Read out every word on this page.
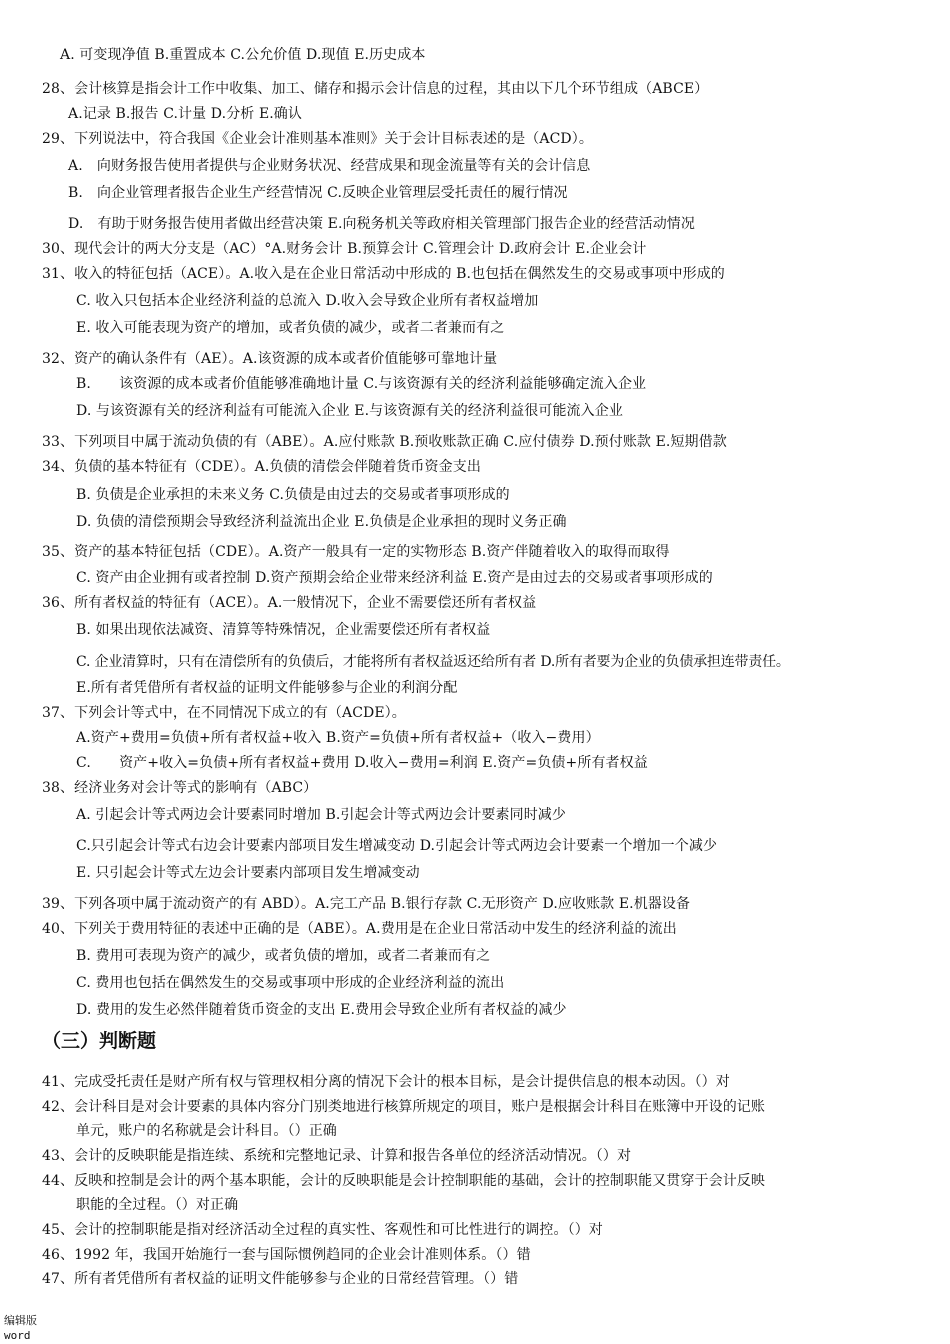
A. 可变现净值 B.重置成本 C.公允价值 D.现值 E.历史成本
28、会计核算是指会计工作中收集、加工、储存和揭示会计信息的过程，其由以下几个环节组成（ABCE）
A.记录 B.报告 C.计量 D.分析 E.确认
29、下列说法中，符合我国《企业会计准则基本准则》关于会计目标表述的是（ACD）。
A.　向财务报告使用者提供与企业财务状况、经营成果和现金流量等有关的会计信息
B.　向企业管理者报告企业生产经营情况 C.反映企业管理层受托责任的履行情况
D.　有助于财务报告使用者做出经营决策 E.向税务机关等政府相关管理部门报告企业的经营活动情况
30、现代会计的两大分支是（AC）°A.财务会计 B.预算会计 C.管理会计 D.政府会计 E.企业会计
31、收入的特征包括（ACE）。A.收入是在企业日常活动中形成的 B.也包括在偶然发生的交易或事项中形成的
C. 收入只包括本企业经济利益的总流入 D.收入会导致企业所有者权益增加
E. 收入可能表现为资产的增加，或者负债的减少，或者二者兼而有之
32、资产的确认条件有（AE）。A.该资源的成本或者价值能够可靠地计量
B.　　该资源的成本或者价值能够准确地计量 C.与该资源有关的经济利益能够确定流入企业
D. 与该资源有关的经济利益有可能流入企业 E.与该资源有关的经济利益很可能流入企业
33、下列项目中属于流动负债的有（ABE）。A.应付账款 B.预收账款正确 C.应付债券 D.预付账款 E.短期借款
34、负债的基本特征有（CDE）。A.负债的清偿会伴随着货币资金支出
B. 负债是企业承担的未来义务 C.负债是由过去的交易或者事项形成的
D. 负债的清偿预期会导致经济利益流出企业 E.负债是企业承担的现时义务正确
35、资产的基本特征包括（CDE）。A.资产一般具有一定的实物形态 B.资产伴随着收入的取得而取得
C. 资产由企业拥有或者控制 D.资产预期会给企业带来经济利益 E.资产是由过去的交易或者事项形成的
36、所有者权益的特征有（ACE）。A.一般情况下，企业不需要偿还所有者权益
B. 如果出现依法减资、清算等特殊情况，企业需要偿还所有者权益
C. 企业清算时，只有在清偿所有的负债后，才能将所有者权益返还给所有者 D.所有者要为企业的负债承担连带责任。
E.所有者凭借所有者权益的证明文件能够参与企业的利润分配
37、下列会计等式中，在不同情况下成立的有（ACDE）。
A.资产+费用=负债+所有者权益+收入 B.资产=负债+所有者权益+（收入−费用）
C.　　资产+收入=负债+所有者权益+费用 D.收入−费用=利润 E.资产=负债+所有者权益
38、经济业务对会计等式的影响有（ABC）
A. 引起会计等式两边会计要素同时增加 B.引起会计等式两边会计要素同时减少
C.只引起会计等式右边会计要素内部项目发生增减变动 D.引起会计等式两边会计要素一个增加一个减少
E. 只引起会计等式左边会计要素内部项目发生增减变动
39、下列各项中属于流动资产的有 ABD）。A.完工产品 B.银行存款 C.无形资产 D.应收账款 E.机器设备
40、下列关于费用特征的表述中正确的是（ABE）。A.费用是在企业日常活动中发生的经济利益的流出
B. 费用可表现为资产的减少，或者负债的增加，或者二者兼而有之
C. 费用也包括在偶然发生的交易或事项中形成的企业经济利益的流出
D. 费用的发生必然伴随着货币资金的支出 E.费用会导致企业所有者权益的减少
（三）判断题
41、完成受托责任是财产所有权与管理权相分离的情况下会计的根本目标，是会计提供信息的根本动因。（）对
42、会计科目是对会计要素的具体内容分门别类地进行核算所规定的项目，账户是根据会计科目在账簿中开设的记账
单元，账户的名称就是会计科目。（）正确
43、会计的反映职能是指连续、系统和完整地记录、计算和报告各单位的经济活动情况。（）对
44、反映和控制是会计的两个基本职能，会计的反映职能是会计控制职能的基础，会计的控制职能又贯穿于会计反映
职能的全过程。（）对正确
45、会计的控制职能是指对经济活动全过程的真实性、客观性和可比性进行的调控。（）对
46、1992 年，我国开始施行一套与国际惯例趋同的企业会计准则体系。（）错
47、所有者凭借所有者权益的证明文件能够参与企业的日常经营管理。（）错
编辑版
word
